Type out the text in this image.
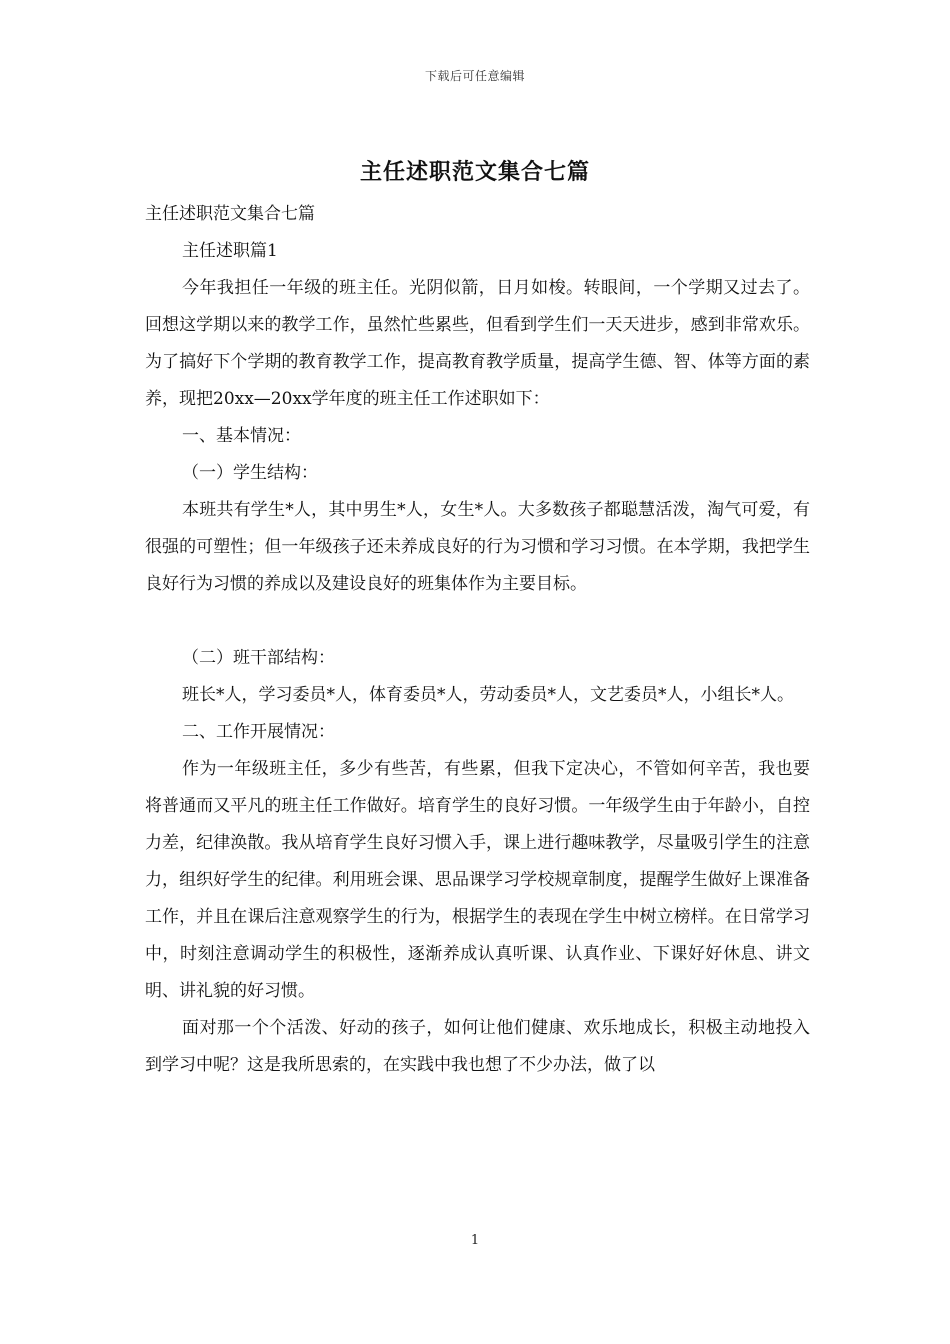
下载后可任意编辑
主任述职范文集合七篇

主任述职范文集合七篇

主任述职篇1

今年我担任一年级的班主任。光阴似箭，日月如梭。转眼间，一个学期又过去了。回想这学期以来的教学工作，虽然忙些累些，但看到学生们一天天进步，感到非常欢乐。为了搞好下个学期的教育教学工作，提高教育教学质量，提高学生德、智、体等方面的素养，现把20xx—20xx学年度的班主任工作述职如下：

一、基本情况：

（一）学生结构：

本班共有学生*人，其中男生*人，女生*人。大多数孩子都聪慧活泼，淘气可爱，有很强的可塑性；但一年级孩子还未养成良好的行为习惯和学习习惯。在本学期，我把学生良好行为习惯的养成以及建设良好的班集体作为主要目标。

（二）班干部结构：

班长*人，学习委员*人，体育委员*人，劳动委员*人，文艺委员*人，小组长*人。

二、工作开展情况：

作为一年级班主任，多少有些苦，有些累，但我下定决心，不管如何辛苦，我也要将普通而又平凡的班主任工作做好。培育学生的良好习惯。一年级学生由于年龄小，自控力差，纪律涣散。我从培育学生良好习惯入手，课上进行趣味教学，尽量吸引学生的注意力，组织好学生的纪律。利用班会课、思品课学习学校规章制度，提醒学生做好上课准备工作，并且在课后注意观察学生的行为，根据学生的表现在学生中树立榜样。在日常学习中，时刻注意调动学生的积极性，逐渐养成认真听课、认真作业、下课好好休息、讲文明、讲礼貌的好习惯。

面对那一个个活泼、好动的孩子，如何让他们健康、欢乐地成长，积极主动地投入到学习中呢？这是我所思索的，在实践中我也想了不少办法，做了以

1
